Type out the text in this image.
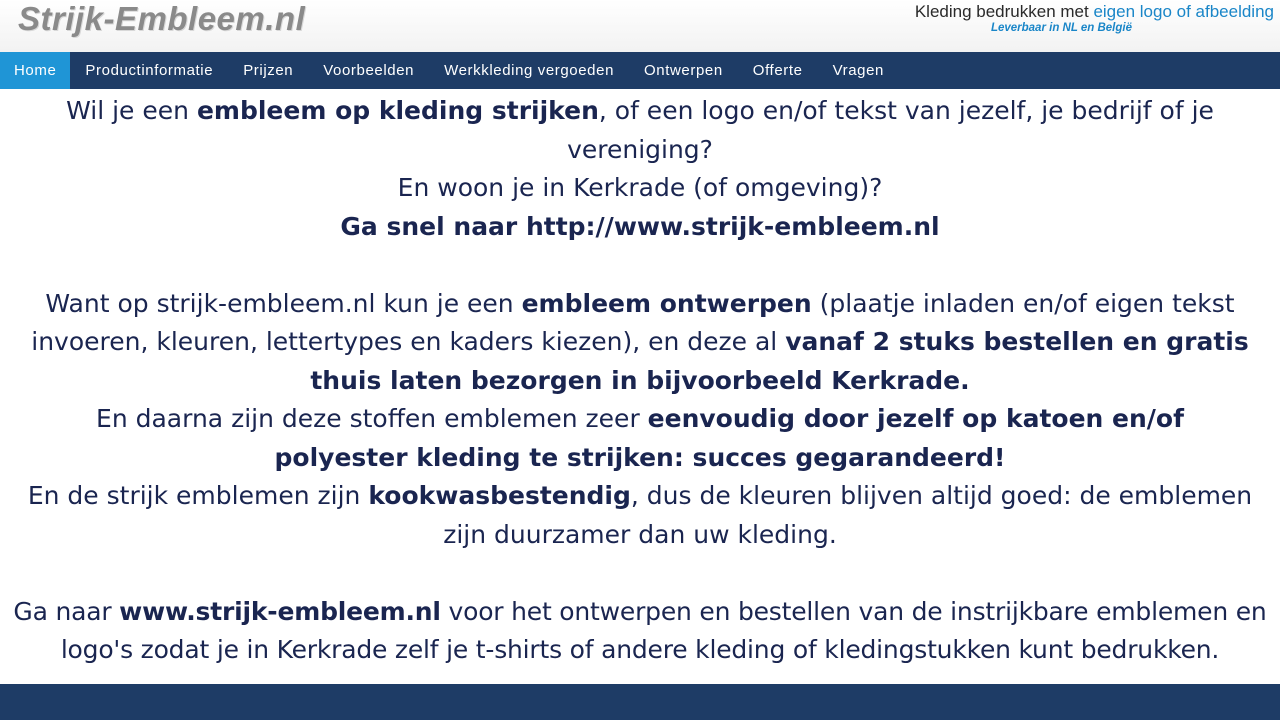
Strijk-Embleem.nl	Kleding bedrukken met eigen logo of afbeelding
Leverbaar in NL en België
Home	Productinformatie	Prijzen	Voorbeelden	Werkkleding vergoeden	Ontwerpen	Offerte	Vragen

Wil je een embleem op kleding strijken, of een logo en/of tekst van jezelf, je bedrijf of je vereniging?

En woon je in Kerkrade (of omgeving)?

Ga snel naar http://www.strijk-embleem.nl

Want op strijk-embleem.nl kun je een embleem ontwerpen (plaatje inladen en/of eigen tekst invoeren, kleuren, lettertypes en kaders kiezen), en deze al vanaf 2 stuks bestellen en gratis thuis laten bezorgen in bijvoorbeeld Kerkrade.

En daarna zijn deze stoffen emblemen zeer eenvoudig door jezelf op katoen en/of polyester kleding te strijken: succes gegarandeerd!

En de strijk emblemen zijn kookwasbestendig, dus de kleuren blijven altijd goed: de emblemen zijn duurzamer dan uw kleding.

Ga naar www.strijk-embleem.nl voor het ontwerpen en bestellen van de instrijkbare emblemen en logo's zodat je in Kerkrade zelf je t-shirts of andere kleding of kledingstukken kunt bedrukken.
